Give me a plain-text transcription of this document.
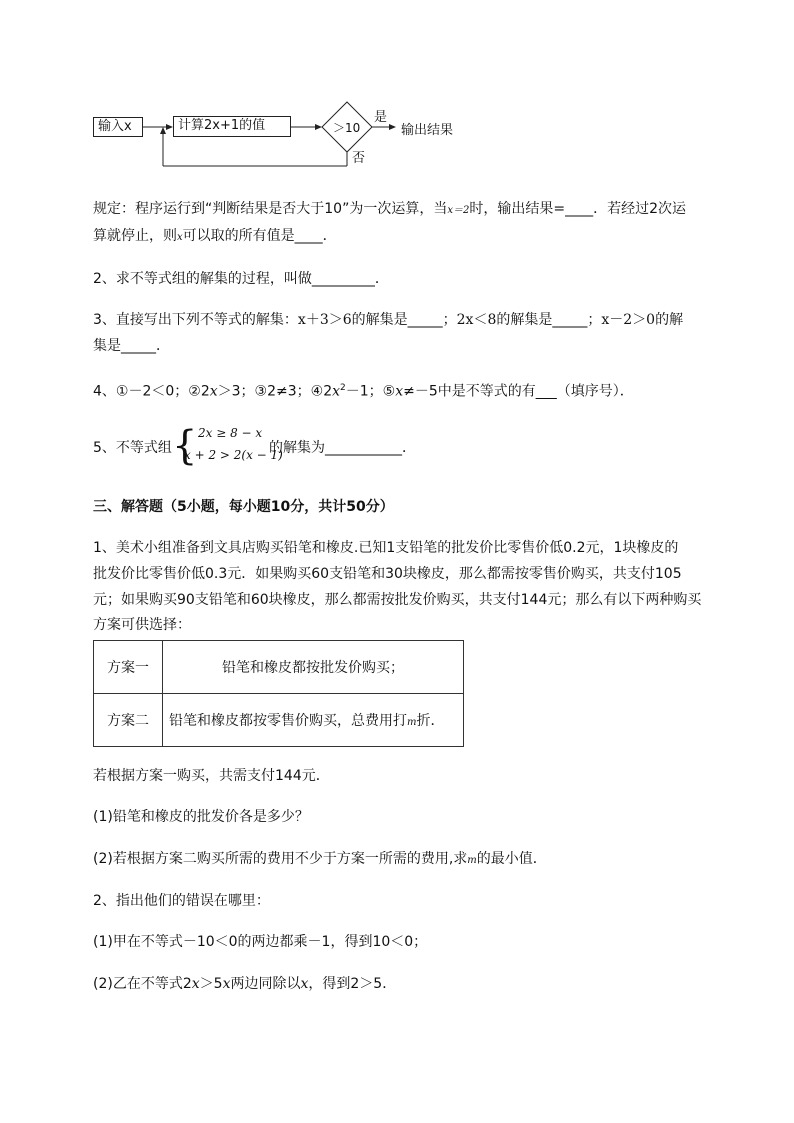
输入x	计算2x+1的值	＞10
是
否
输出结果
规定：程序运行到“判断结果是否大于10”为一次运算，当x＝2时，输出结果=____．若经过2次运
算就停止，则x可以取的所有值是____．
2、求不等式组的解集的过程，叫做_________．
3、直接写出下列不等式的解集：x＋3＞6的解集是_____；2x＜8的解集是_____；x－2＞0的解
集是_____．
4、①－2＜0；②2x＞3；③2≠3；$④2x^2-1$；⑤x≠－5中是不等式的有___（填序号）．
5、不等式组 { 2x ≥ 8 − x
x + 2 > 2(x − 1)
的解集为___________．
三、解答题（5小题，每小题10分，共计50分）
1、美术小组准备到文具店购买铅笔和橡皮.已知1支铅笔的批发价比零售价低0.2元，1块橡皮的
批发价比零售价低0.3元．如果购买60支铅笔和30块橡皮，那么都需按零售价购买，共支付105
元；如果购买90支铅笔和60块橡皮，那么都需按批发价购买，共支付144元；那么有以下两种购买
方案可供选择：
方案一	铅笔和橡皮都按批发价购买；
方案二	铅笔和橡皮都按零售价购买，总费用打m折．
若根据方案一购买，共需支付144元．
(1)铅笔和橡皮的批发价各是多少？
(2)若根据方案二购买所需的费用不少于方案一所需的费用,求m的最小值．
2、指出他们的错误在哪里：
(1)甲在不等式－10＜0的两边都乘－1，得到10＜0；
(2)乙在不等式2x＞5x两边同除以x，得到2＞5．
